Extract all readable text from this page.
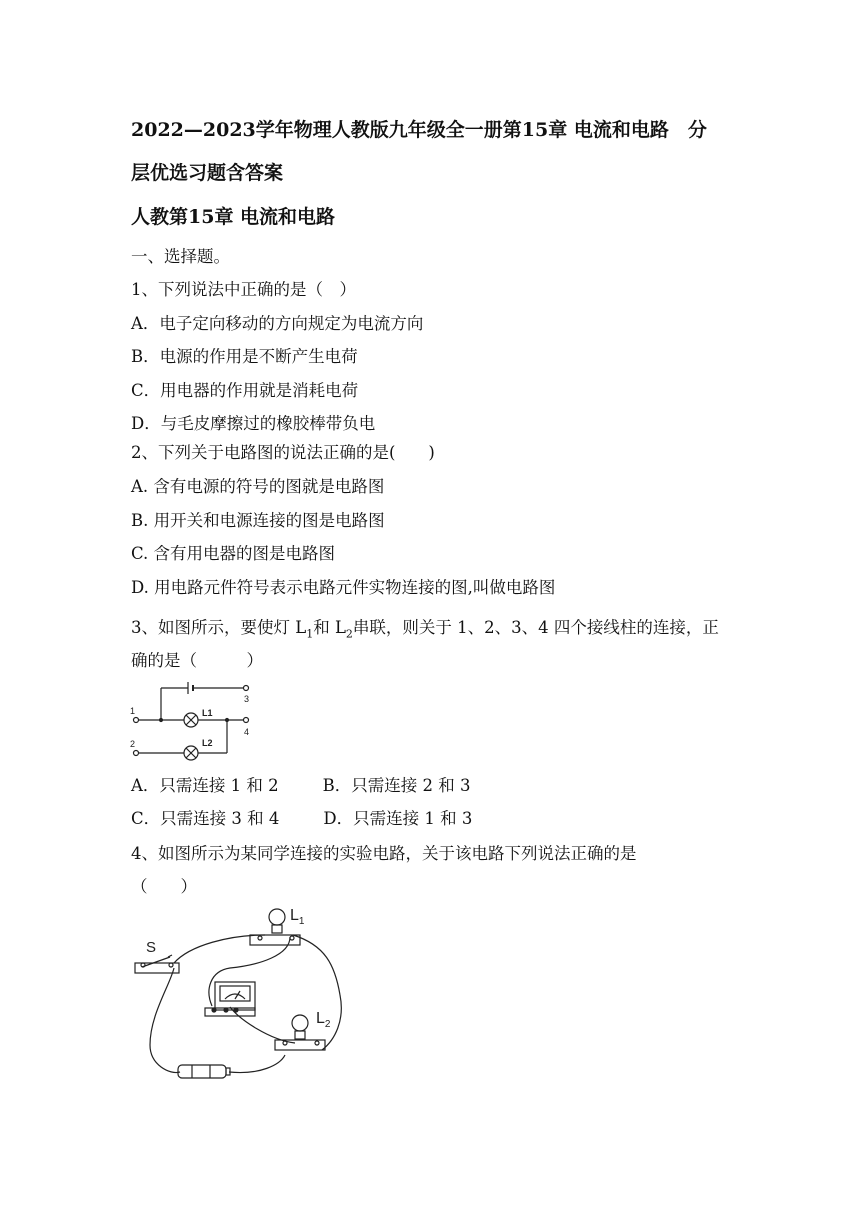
2022—2023学年物理人教版九年级全一册第15章 电流和电路　分
层优选习题含答案
人教第15章 电流和电路
一、选择题。
1、下列说法中正确的是（　）
A．电子定向移动的方向规定为电流方向
B．电源的作用是不断产生电荷
C．用电器的作用就是消耗电荷
D．与毛皮摩擦过的橡胶棒带负电
2、下列关于电路图的说法正确的是(　　)
A. 含有电源的符号的图就是电路图
B. 用开关和电源连接的图是电路图
C. 含有用电器的图是电路图
D. 用电路元件符号表示电路元件实物连接的图,叫做电路图
3、如图所示，要使灯 $L_1$和 $L_2$串联，则关于 1、2、3、4 四个接线柱的连接，正
确的是（　　　）
1
2
3
4
L1
L2
A．只需连接 1 和 2	B．只需连接 2 和 3
C．只需连接 3 和 4	D．只需连接 1 和 3
4、如图所示为某同学连接的实验电路，关于该电路下列说法正确的是
（　　）
S
$L_1$
$L_2$
